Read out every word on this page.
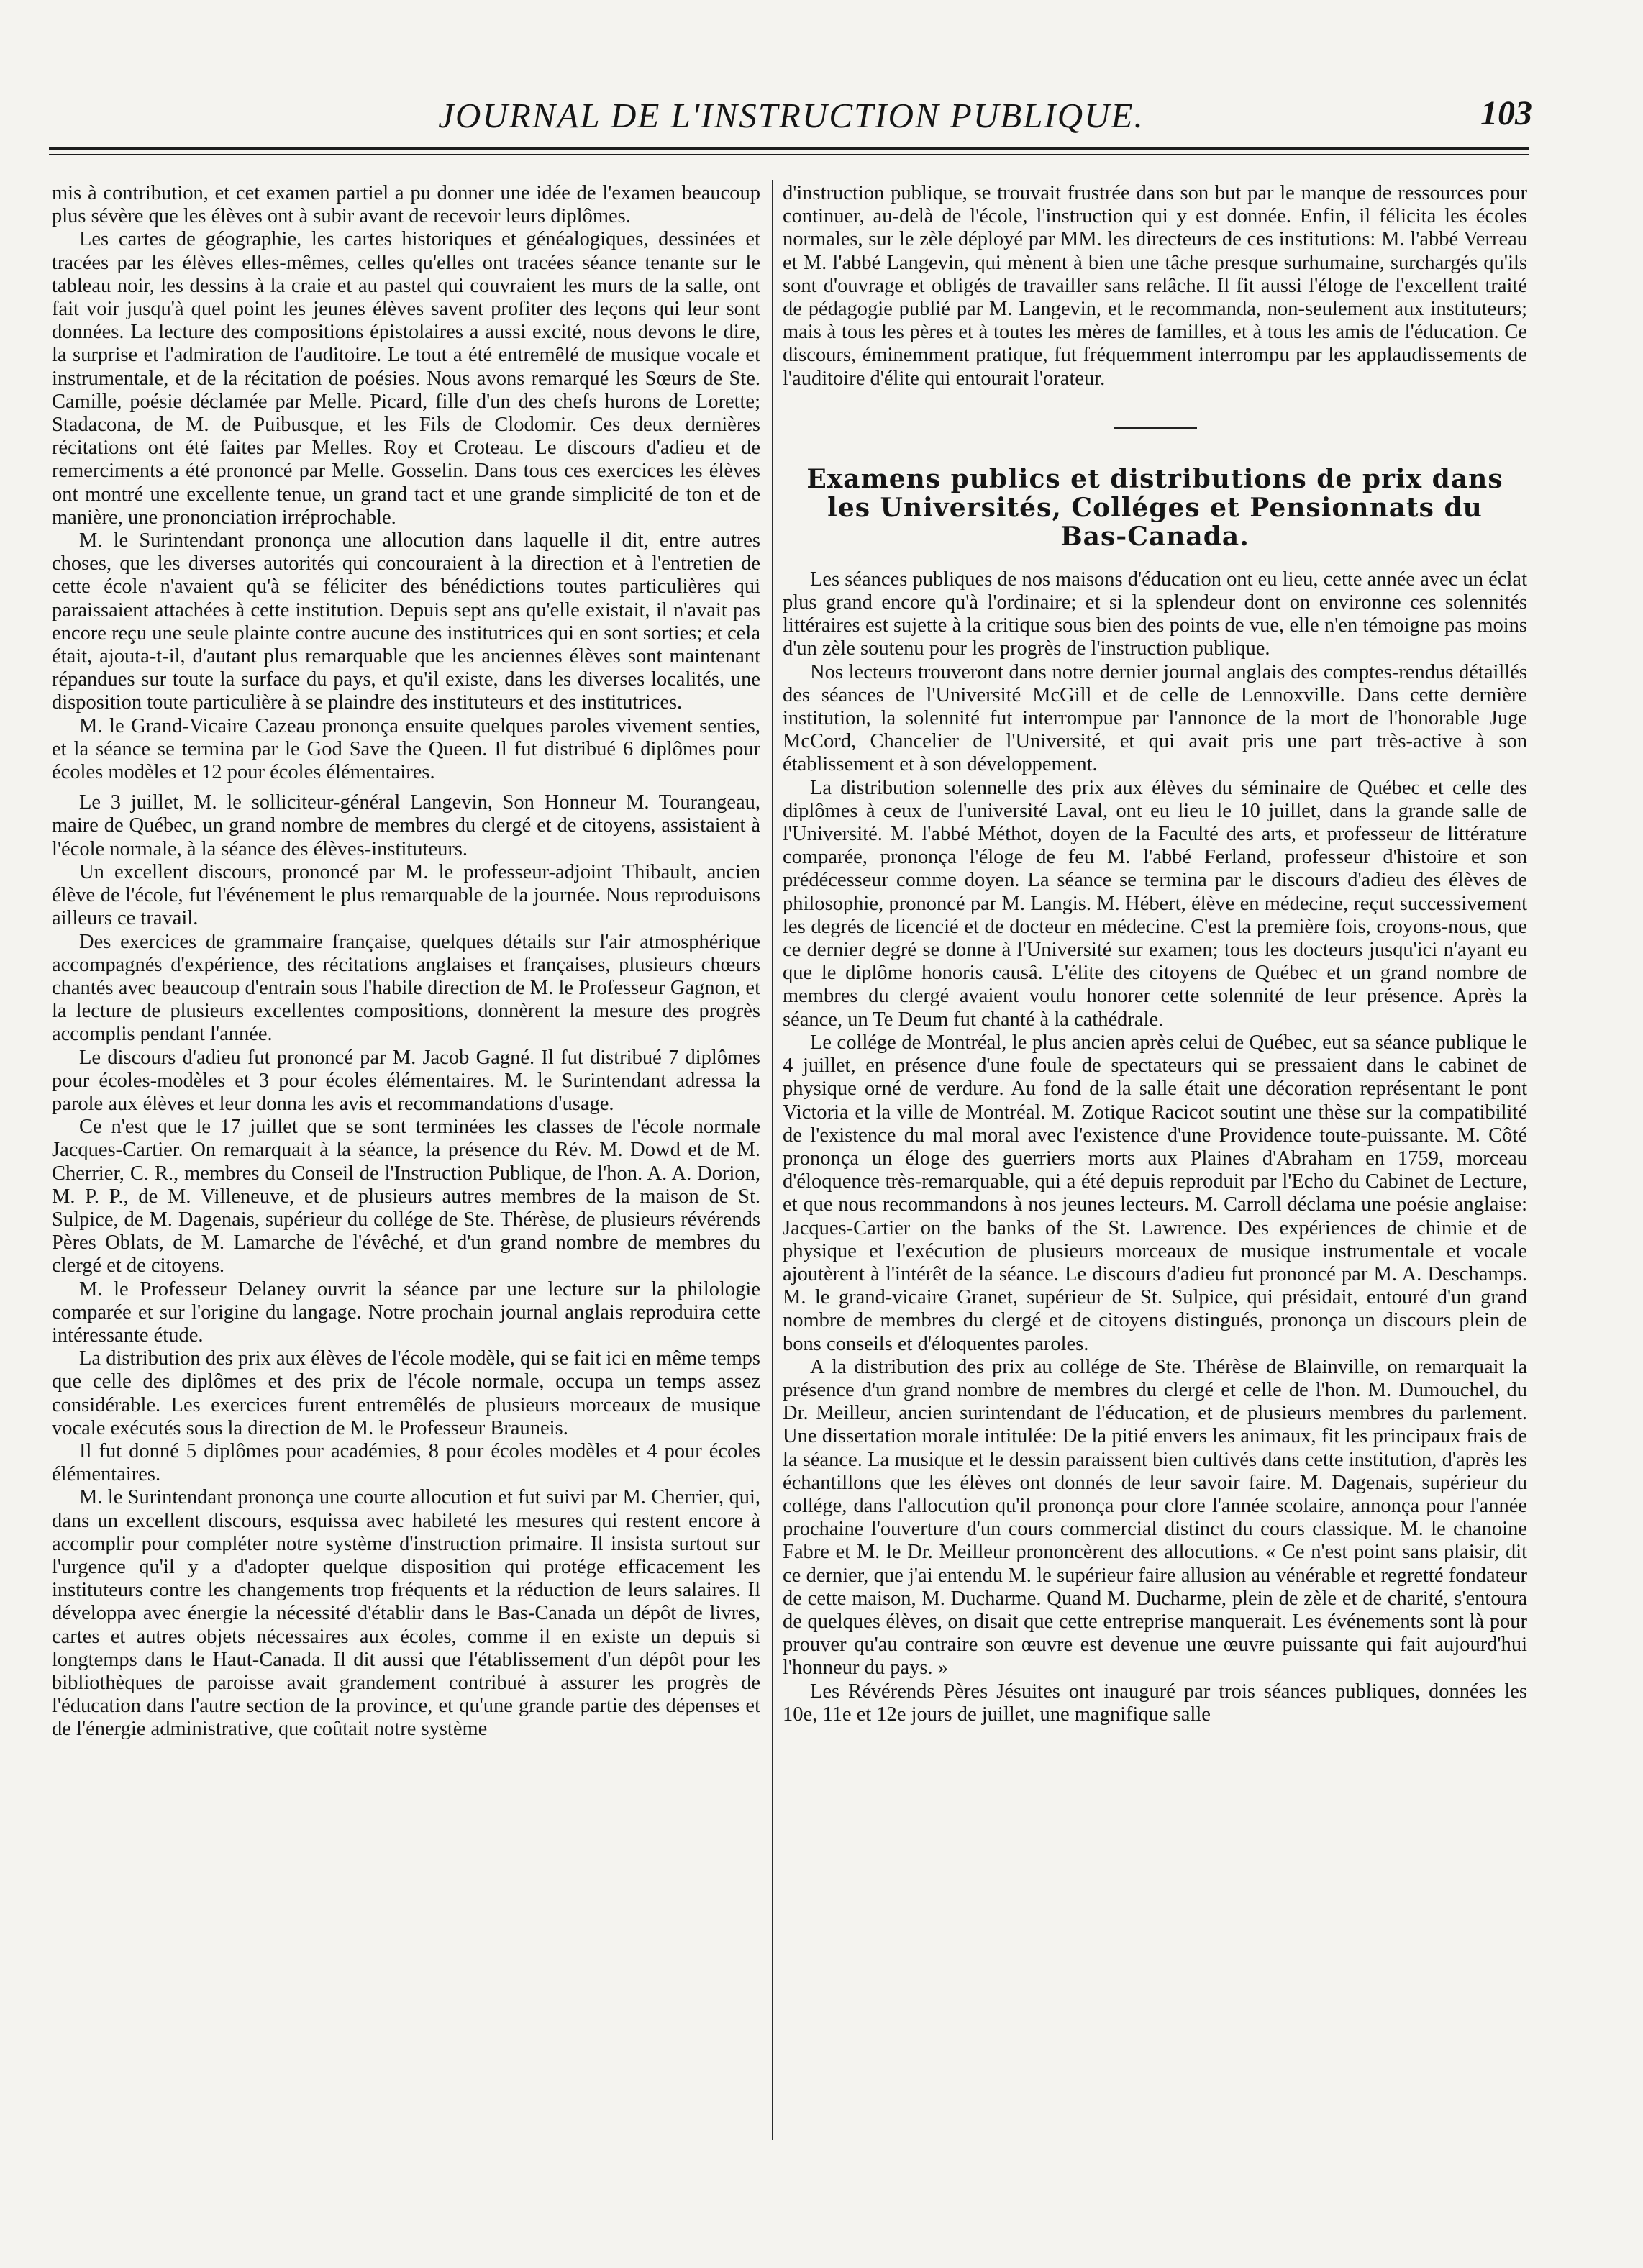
JOURNAL DE L'INSTRUCTION PUBLIQUE.	103

mis à contribution, et cet examen partiel a pu donner une idée de l'examen beaucoup plus sévère que les élèves ont à subir avant de recevoir leurs diplômes.

Les cartes de géographie, les cartes historiques et généalogiques, dessinées et tracées par les élèves elles-mêmes, celles qu'elles ont tracées séance tenante sur le tableau noir, les dessins à la craie et au pastel qui couvraient les murs de la salle, ont fait voir jusqu'à quel point les jeunes élèves savent profiter des leçons qui leur sont données. La lecture des compositions épistolaires a aussi excité, nous devons le dire, la surprise et l'admiration de l'auditoire. Le tout a été entremêlé de musique vocale et instrumentale, et de la récitation de poésies. Nous avons remarqué les Sœurs de Ste. Camille, poésie déclamée par Melle. Picard, fille d'un des chefs hurons de Lorette; Stadacona, de M. de Puibusque, et les Fils de Clodomir. Ces deux dernières récitations ont été faites par Melles. Roy et Croteau. Le discours d'adieu et de remerciments a été prononcé par Melle. Gosselin. Dans tous ces exercices les élèves ont montré une excellente tenue, un grand tact et une grande simplicité de ton et de manière, une prononciation irréprochable.

M. le Surintendant prononça une allocution dans laquelle il dit, entre autres choses, que les diverses autorités qui concouraient à la direction et à l'entretien de cette école n'avaient qu'à se féliciter des bénédictions toutes particulières qui paraissaient attachées à cette institution. Depuis sept ans qu'elle existait, il n'avait pas encore reçu une seule plainte contre aucune des institutrices qui en sont sorties; et cela était, ajouta-t-il, d'autant plus remarquable que les anciennes élèves sont maintenant répandues sur toute la surface du pays, et qu'il existe, dans les diverses localités, une disposition toute particulière à se plaindre des instituteurs et des institutrices.

M. le Grand-Vicaire Cazeau prononça ensuite quelques paroles vivement senties, et la séance se termina par le God Save the Queen. Il fut distribué 6 diplômes pour écoles modèles et 12 pour écoles élémentaires.

Le 3 juillet, M. le solliciteur-général Langevin, Son Honneur M. Tourangeau, maire de Québec, un grand nombre de membres du clergé et de citoyens, assistaient à l'école normale, à la séance des élèves-instituteurs.

Un excellent discours, prononcé par M. le professeur-adjoint Thibault, ancien élève de l'école, fut l'événement le plus remarquable de la journée. Nous reproduisons ailleurs ce travail.

Des exercices de grammaire française, quelques détails sur l'air atmosphérique accompagnés d'expérience, des récitations anglaises et françaises, plusieurs chœurs chantés avec beaucoup d'entrain sous l'habile direction de M. le Professeur Gagnon, et la lecture de plusieurs excellentes compositions, donnèrent la mesure des progrès accomplis pendant l'année.

Le discours d'adieu fut prononcé par M. Jacob Gagné. Il fut distribué 7 diplômes pour écoles-modèles et 3 pour écoles élémentaires. M. le Surintendant adressa la parole aux élèves et leur donna les avis et recommandations d'usage.

Ce n'est que le 17 juillet que se sont terminées les classes de l'école normale Jacques-Cartier. On remarquait à la séance, la présence du Rév. M. Dowd et de M. Cherrier, C. R., membres du Conseil de l'Instruction Publique, de l'hon. A. A. Dorion, M. P. P., de M. Villeneuve, et de plusieurs autres membres de la maison de St. Sulpice, de M. Dagenais, supérieur du collége de Ste. Thérèse, de plusieurs révérends Pères Oblats, de M. Lamarche de l'évêché, et d'un grand nombre de membres du clergé et de citoyens.

M. le Professeur Delaney ouvrit la séance par une lecture sur la philologie comparée et sur l'origine du langage. Notre prochain journal anglais reproduira cette intéressante étude.

La distribution des prix aux élèves de l'école modèle, qui se fait ici en même temps que celle des diplômes et des prix de l'école normale, occupa un temps assez considérable. Les exercices furent entremêlés de plusieurs morceaux de musique vocale exécutés sous la direction de M. le Professeur Brauneis.

Il fut donné 5 diplômes pour académies, 8 pour écoles modèles et 4 pour écoles élémentaires.

M. le Surintendant prononça une courte allocution et fut suivi par M. Cherrier, qui, dans un excellent discours, esquissa avec habileté les mesures qui restent encore à accomplir pour compléter notre système d'instruction primaire. Il insista surtout sur l'urgence qu'il y a d'adopter quelque disposition qui protége efficacement les instituteurs contre les changements trop fréquents et la réduction de leurs salaires. Il développa avec énergie la nécessité d'établir dans le Bas-Canada un dépôt de livres, cartes et autres objets nécessaires aux écoles, comme il en existe un depuis si longtemps dans le Haut-Canada. Il dit aussi que l'établissement d'un dépôt pour les bibliothèques de paroisse avait grandement contribué à assurer les progrès de l'éducation dans l'autre section de la province, et qu'une grande partie des dépenses et de l'énergie administrative, que coûtait notre système

d'instruction publique, se trouvait frustrée dans son but par le manque de ressources pour continuer, au-delà de l'école, l'instruction qui y est donnée. Enfin, il félicita les écoles normales, sur le zèle déployé par MM. les directeurs de ces institutions: M. l'abbé Verreau et M. l'abbé Langevin, qui mènent à bien une tâche presque surhumaine, surchargés qu'ils sont d'ouvrage et obligés de travailler sans relâche. Il fit aussi l'éloge de l'excellent traité de pédagogie publié par M. Langevin, et le recommanda, non-seulement aux instituteurs; mais à tous les pères et à toutes les mères de familles, et à tous les amis de l'éducation. Ce discours, éminemment pratique, fut fréquemment interrompu par les applaudissements de l'auditoire d'élite qui entourait l'orateur.

Examens publics et distributions de prix dans les Universités, Colléges et Pensionnats du Bas-Canada.

Les séances publiques de nos maisons d'éducation ont eu lieu, cette année avec un éclat plus grand encore qu'à l'ordinaire; et si la splendeur dont on environne ces solennités littéraires est sujette à la critique sous bien des points de vue, elle n'en témoigne pas moins d'un zèle soutenu pour les progrès de l'instruction publique.

Nos lecteurs trouveront dans notre dernier journal anglais des comptes-rendus détaillés des séances de l'Université McGill et de celle de Lennoxville. Dans cette dernière institution, la solennité fut interrompue par l'annonce de la mort de l'honorable Juge McCord, Chancelier de l'Université, et qui avait pris une part très-active à son établissement et à son développement.

La distribution solennelle des prix aux élèves du séminaire de Québec et celle des diplômes à ceux de l'université Laval, ont eu lieu le 10 juillet, dans la grande salle de l'Université. M. l'abbé Méthot, doyen de la Faculté des arts, et professeur de littérature comparée, prononça l'éloge de feu M. l'abbé Ferland, professeur d'histoire et son prédécesseur comme doyen. La séance se termina par le discours d'adieu des élèves de philosophie, prononcé par M. Langis. M. Hébert, élève en médecine, reçut successivement les degrés de licencié et de docteur en médecine. C'est la première fois, croyons-nous, que ce dernier degré se donne à l'Université sur examen; tous les docteurs jusqu'ici n'ayant eu que le diplôme honoris causâ. L'élite des citoyens de Québec et un grand nombre de membres du clergé avaient voulu honorer cette solennité de leur présence. Après la séance, un Te Deum fut chanté à la cathédrale.

Le collége de Montréal, le plus ancien après celui de Québec, eut sa séance publique le 4 juillet, en présence d'une foule de spectateurs qui se pressaient dans le cabinet de physique orné de verdure. Au fond de la salle était une décoration représentant le pont Victoria et la ville de Montréal. M. Zotique Racicot soutint une thèse sur la compatibilité de l'existence du mal moral avec l'existence d'une Providence toute-puissante. M. Côté prononça un éloge des guerriers morts aux Plaines d'Abraham en 1759, morceau d'éloquence très-remarquable, qui a été depuis reproduit par l'Echo du Cabinet de Lecture, et que nous recommandons à nos jeunes lecteurs. M. Carroll déclama une poésie anglaise: Jacques-Cartier on the banks of the St. Lawrence. Des expériences de chimie et de physique et l'exécution de plusieurs morceaux de musique instrumentale et vocale ajoutèrent à l'intérêt de la séance. Le discours d'adieu fut prononcé par M. A. Deschamps. M. le grand-vicaire Granet, supérieur de St. Sulpice, qui présidait, entouré d'un grand nombre de membres du clergé et de citoyens distingués, prononça un discours plein de bons conseils et d'éloquentes paroles.

A la distribution des prix au collége de Ste. Thérèse de Blainville, on remarquait la présence d'un grand nombre de membres du clergé et celle de l'hon. M. Dumouchel, du Dr. Meilleur, ancien surintendant de l'éducation, et de plusieurs membres du parlement. Une dissertation morale intitulée: De la pitié envers les animaux, fit les principaux frais de la séance. La musique et le dessin paraissent bien cultivés dans cette institution, d'après les échantillons que les élèves ont donnés de leur savoir faire. M. Dagenais, supérieur du collége, dans l'allocution qu'il prononça pour clore l'année scolaire, annonça pour l'année prochaine l'ouverture d'un cours commercial distinct du cours classique. M. le chanoine Fabre et M. le Dr. Meilleur prononcèrent des allocutions. « Ce n'est point sans plaisir, dit ce dernier, que j'ai entendu M. le supérieur faire allusion au vénérable et regretté fondateur de cette maison, M. Ducharme. Quand M. Ducharme, plein de zèle et de charité, s'entoura de quelques élèves, on disait que cette entreprise manquerait. Les événements sont là pour prouver qu'au contraire son œuvre est devenue une œuvre puissante qui fait aujourd'hui l'honneur du pays. »

Les Révérends Pères Jésuites ont inauguré par trois séances publiques, données les 10e, 11e et 12e jours de juillet, une magnifique salle
